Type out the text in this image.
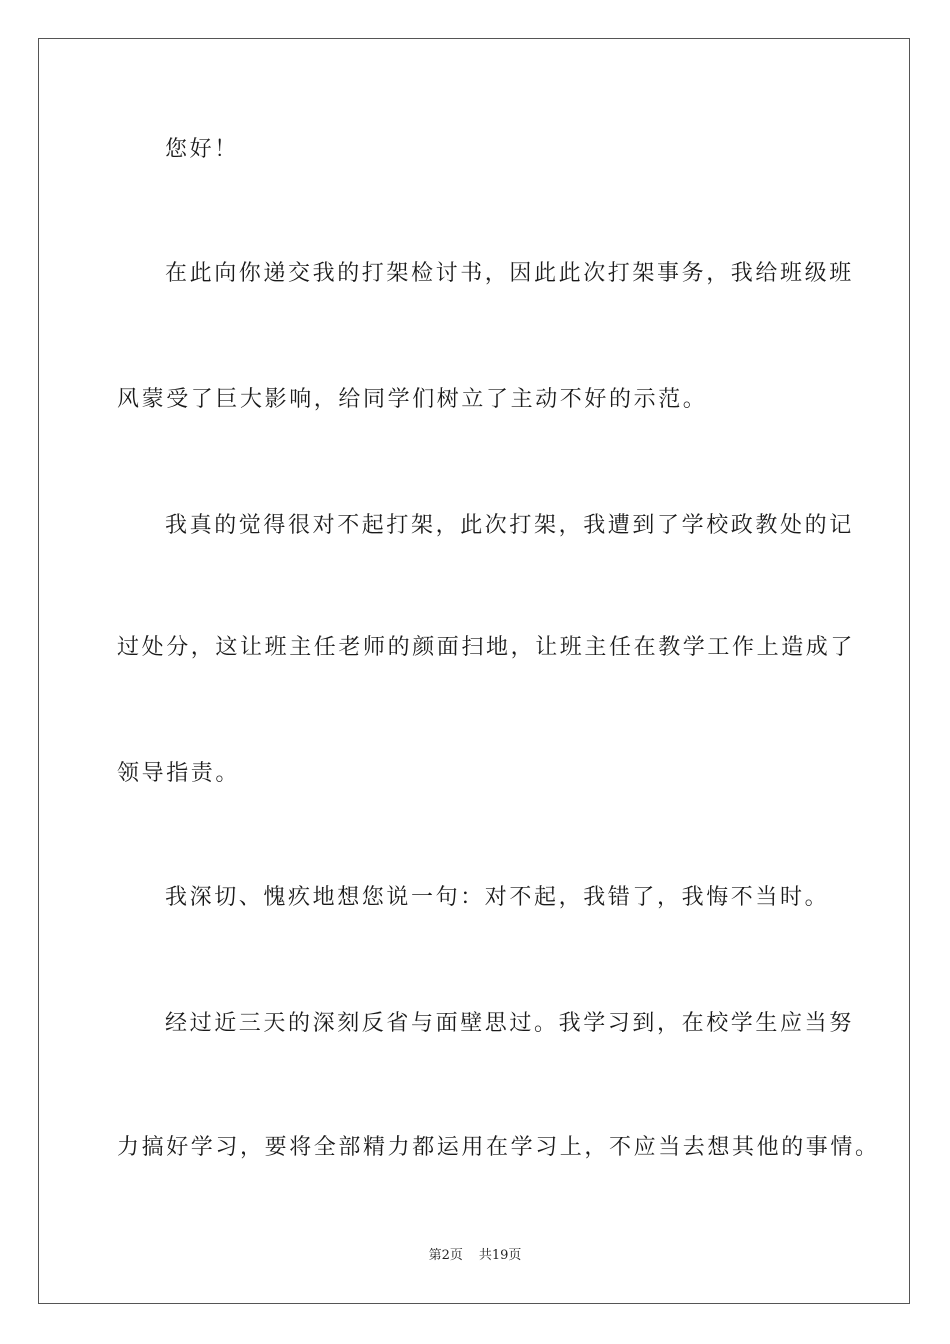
您好！
在此向你递交我的打架检讨书，因此此次打架事务，我给班级班
风蒙受了巨大影响，给同学们树立了主动不好的示范。
我真的觉得很对不起打架，此次打架，我遭到了学校政教处的记
过处分，这让班主任老师的颜面扫地，让班主任在教学工作上造成了
领导指责。
我深切、愧疚地想您说一句：对不起，我错了，我悔不当时。
经过近三天的深刻反省与面壁思过。我学习到，在校学生应当努
力搞好学习，要将全部精力都运用在学习上，不应当去想其他的事情。
第2页 共19页
